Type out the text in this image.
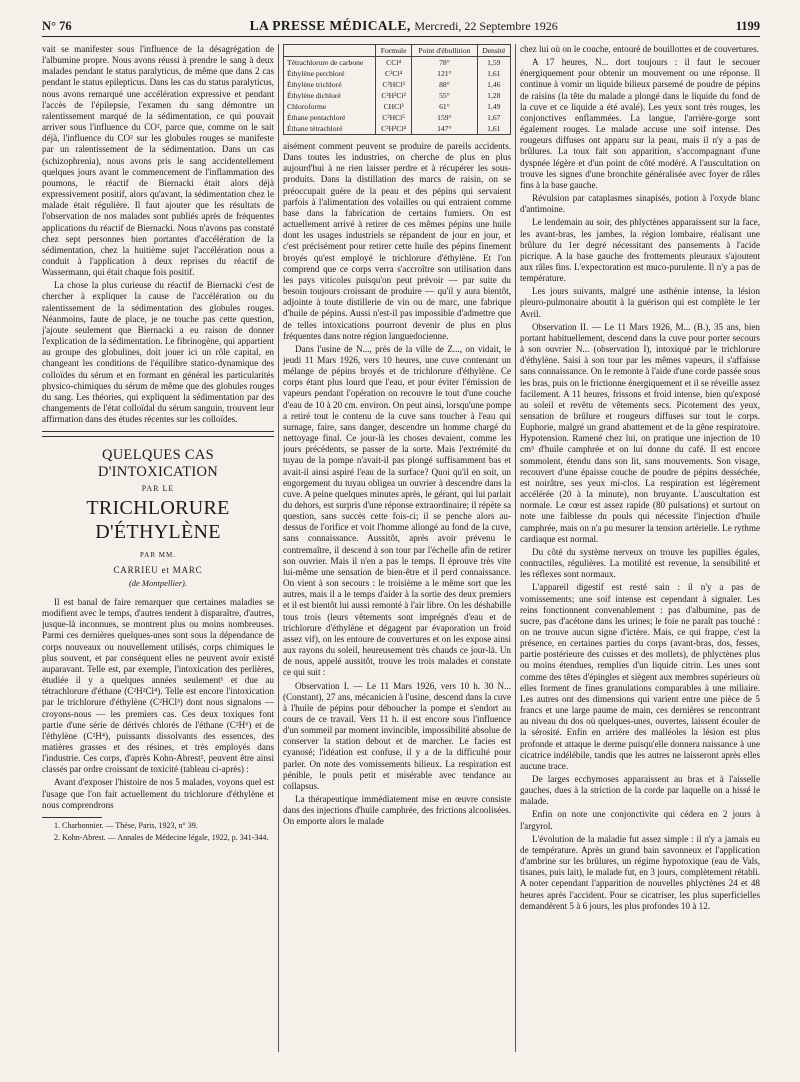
N° 76	LA PRESSE MÉDICALE, Mercredi, 22 Septembre 1926	1199

vait se manifester sous l'influence de la désagrégation de l'albumine propre. Nous avons réussi à prendre le sang à deux malades pendant le status paralyticus, de même que dans 2 cas pendant le status epilepticus. Dans les cas du status paralyticus, nous avons remarqué une accélération expressive et pendant l'accès de l'épilepsie, l'examen du sang démontre un ralentissement marqué de la sédimentation, ce qui pouvait arriver sous l'influence du CO², parce que, comme on le sait déjà, l'influence du CO² sur les globules rouges se manifeste par un ralentissement de la sédimentation. Dans un cas (schizophrenia), nous avons pris le sang accidentellement quelques jours avant le commencement de l'inflammation des poumons, le réactif de Biernacki était alors déjà expressivement positif, alors qu'avant, la sédimentation chez le malade était régulière. Il faut ajouter que les résultats de l'observation de nos malades sont publiés après de fréquentes applications du réactif de Biernacki. Nous n'avons pas constaté chez sept personnes bien portantes d'accélération de la sédimentation, chez la huitième sujet l'accélération nous a conduit à l'application à deux reprises du réactif de Wassermann, qui était chaque fois positif.

La chose la plus curieuse du réactif de Biernacki c'est de chercher à expliquer la cause de l'accélération ou du ralentissement de la sédimentation des globules rouges. Néanmoins, faute de place, je ne touche pas cette question, j'ajoute seulement que Biernacki a eu raison de donner l'explication de la sédimentation. Le fibrinogène, qui appartient au groupe des globulines, doit jouer ici un rôle capital, en changeant les conditions de l'équilibre statico-dynamique des colloïdes du sérum et en formant en général les particularités physico-chimiques du sérum de même que des globules rouges du sang. Les théories, qui expliquent la sédimentation par des changements de l'état colloïdal du sérum sanguin, trouvent leur affirmation dans des études récentes sur les colloïdes.

QUELQUES CAS D'INTOXICATION
PAR LE
TRICHLORURE D'ÉTHYLÈNE
PAR MM.
CARRIEU et MARC
(de Montpellier).

Il est banal de faire remarquer que certaines maladies se modifient avec le temps, d'autres tendent à disparaître, d'autres, jusque-là inconnues, se montrent plus ou moins nombreuses. Parmi ces dernières quelques-unes sont sous la dépendance de corps nouveaux ou nouvellement utilisés, corps chimiques le plus souvent, et par conséquent elles ne peuvent avoir existé auparavant. Telle est, par exemple, l'intoxication des perlières, étudiée il y a quelques années seulement¹ et due au tétrachlorure d'éthane (C²H²Cl⁴). Telle est encore l'intoxication par le trichlorure d'éthylène (C²HCl³) dont nous signalons — croyons-nous — les premiers cas. Ces deux toxiques font partie d'une série de dérivés chlorés de l'éthane (C²H⁶) et de l'éthylène (C²H⁴), puissants dissolvants des essences, des matières grasses et des résines, et très employés dans l'industrie. Ces corps, d'après Kohn-Abrest², peuvent être ainsi classés par ordre croissant de toxicité (tableau ci-après) :

Avant d'exposer l'histoire de nos 5 malades, voyons quel est l'usage que l'on fait actuellement du trichlorure d'éthylène et nous comprendrons

1. Charbonnier. — Thèse, Paris, 1923, n° 39.

2. Kohn-Abrest. — Annales de Médecine légale, 1922, p. 341-344.

	Formule	Point d'ébullition	Densité
Tétrachlorure de carbone	CCl⁴	78°	1,59
Éthylène perchloré	C²Cl⁴	121°	1,61
Éthylène trichloré	C²HCl³	88°	1,46
Éthylène dichloré	C²H²Cl²	55°	1,28
Chloroforme	CHCl³	61°	1,49
Éthane pentachloré	C²HCl⁵	159°	1,67
Éthane tétrachloré	C²H²Cl⁴	147°	1,61

aisément comment peuvent se produire de pareils accidents. Dans toutes les industries, on cherche de plus en plus aujourd'hui à ne rien laisser perdre et à récupérer les sous-produits. Dans la distillation des marcs de raisin, on se préoccupait guère de la peau et des pépins qui servaient parfois à l'alimentation des volailles ou qui entraient comme base dans la fabrication de certains fumiers. On est actuellement arrivé à retirer de ces mêmes pépins une huile dont les usages industriels se répandent de jour en jour, et c'est précisément pour retirer cette huile des pépins finement broyés qu'est employé le trichlorure d'éthylène. Et l'on comprend que ce corps verra s'accroître son utilisation dans les pays viticoles puisqu'on peut prévoir — par suite du besoin toujours croissant de produire — qu'il y aura bientôt, adjointe à toute distillerie de vin ou de marc, une fabrique d'huile de pépins. Aussi n'est-il pas impossible d'admettre que de telles intoxications pourront devenir de plus en plus fréquentes dans notre région languedocienne.

Dans l'usine de N..., près de la ville de Z..., on vidait, le jeudi 11 Mars 1926, vers 10 heures, une cuve contenant un mélange de pépins broyés et de trichlorure d'éthylène. Ce corps étant plus lourd que l'eau, et pour éviter l'émission de vapeurs pendant l'opération on recouvre le tout d'une couche d'eau de 10 à 20 cm. environ. On peut ainsi, lorsqu'une pompe a retiré tout le contenu de la cuve sans toucher à l'eau qui surnage, faire, sans danger, descendre un homme chargé du nettoyage final. Ce jour-là les choses devaient, comme les jours précédents, se passer de la sorte. Mais l'extrémité du tuyau de la pompe n'avait-il pas plongé suffisamment bas et avait-il ainsi aspiré l'eau de la surface? Quoi qu'il en soit, un engorgement du tuyau obligea un ouvrier à descendre dans la cuve. A peine quelques minutes après, le gérant, qui lui parlait du dehors, est surpris d'une réponse extraordinaire; il répète sa question, sans succès cette fois-ci; il se penche alors au-dessus de l'orifice et voit l'homme allongé au fond de la cuve, sans connaissance. Aussitôt, après avoir prévenu le contremaître, il descend à son tour par l'échelle afin de retirer son ouvrier. Mais il n'en a pas le temps. Il éprouve très vite lui-même une sensation de bien-être et il perd connaissance. On vient à son secours : le troisième a le même sort que les autres, mais il a le temps d'aider à la sortie des deux premiers et il est bientôt lui aussi remonté à l'air libre. On les déshabille tous trois (leurs vêtements sont imprégnés d'eau et de trichlorure d'éthylène et dégagent par évaporation un froid assez vif), on les entoure de couvertures et on les expose ainsi aux rayons du soleil, heureusement très chauds ce jour-là. Un de nous, appelé aussitôt, trouve les trois malades et constate ce qui suit :

Observation I. — Le 11 Mars 1926, vers 10 h. 30 N... (Constant), 27 ans, mécanicien à l'usine, descend dans la cuve à l'huile de pépins pour déboucher la pompe et s'endort au cours de ce travail. Vers 11 h. il est encore sous l'influence d'un sommeil par moment invincible, impossibilité absolue de conserver la station debout et de marcher. Le facies est cyanosé; l'idéation est confuse, il y a de la difficulté pour parler. On note des vomissements bilieux. La respiration est pénible, le pouls petit et misérable avec tendance au collapsus.

La thérapeutique immédiatement mise en œuvre consiste dans des injections d'huile camphrée, des frictions alcoolisées. On emporte alors le malade

chez lui où on le couche, entouré de bouillottes et de couvertures.

A 17 heures, N... dort toujours : il faut le secouer énergiquement pour obtenir un mouvement ou une réponse. Il continue à vomir un liquide bilieux parsemé de poudre de pépins de raisins (la tête du malade a plongé dans le liquide du fond de la cuve et ce liquide a été avalé). Les yeux sont très rouges, les conjonctives enflammées. La langue, l'arrière-gorge sont également rouges. Le malade accuse une soif intense. Des rougeurs diffuses ont apparu sur la peau, mais il n'y a pas de brûlures. La toux fait son apparition, s'accompagnant d'une dyspnée légère et d'un point de côté modéré. A l'auscultation on trouve les signes d'une bronchite généralisée avec foyer de râles fins à la base gauche.

Révulsion par cataplasmes sinapisés, potion à l'oxyde blanc d'antimoine.

Le lendemain au soir, des phlyctènes apparaissent sur la face, les avant-bras, les jambes, la région lombaire, réalisant une brûlure du 1er degré nécessitant des pansements à l'acide picrique. A la base gauche des frottements pleuraux s'ajoutent aux râles fins. L'expectoration est muco-purulente. Il n'y a pas de température.

Les jours suivants, malgré une asthénie intense, la lésion pleuro-pulmonaire aboutit à la guérison qui est complète le 1er Avril.

Observation II. — Le 11 Mars 1926, M... (B.), 35 ans, bien portant habituellement, descend dans la cuve pour porter secours à son ouvrier N... (observation I), intoxiqué par le trichlorure d'éthylène. Saisi à son tour par les mêmes vapeurs, il s'affaisse sans connaissance. On le remonte à l'aide d'une corde passée sous les bras, puis on le frictionne énergiquement et il se réveille assez facilement. A 11 heures, frissons et froid intense, bien qu'exposé au soleil et revêtu de vêtements secs. Picotement des yeux, sensation de brûlure et rougeurs diffuses sur tout le corps. Euphorie, malgré un grand abattement et de la gêne respiratoire. Hypotension. Ramené chez lui, on pratique une injection de 10 cm³ d'huile camphrée et on lui donne du café. Il est encore sommolent, étendu dans son lit, sans mouvements. Son visage, recouvert d'une épaisse couche de poudre de pépins desséchée, est noirâtre, ses yeux mi-clos. La respiration est légèrement accélérée (20 à la minute), non bruyante. L'auscultation est normale. Le cœur est assez rapide (80 pulsations) et surtout on note une faiblesse du pouls qui nécessite l'injection d'huile camphrée, mais on n'a pu mesurer la tension artérielle. Le rythme cardiaque est normal.

Du côté du système nerveux on trouve les pupilles égales, contractiles, régulières. La motilité est revenue, la sensibilité et les réflexes sont normaux.

L'appareil digestif est resté sain : il n'y a pas de vomissements; une soif intense est cependant à signaler. Les reins fonctionnent convenablement : pas d'albumine, pas de sucre, pas d'acétone dans les urines; le foie ne paraît pas touché : on ne trouve aucun signe d'ictère. Mais, ce qui frappe, c'est la présence, en certaines parties du corps (avant-bras, dos, fesses, partie postérieure des cuisses et des mollets), de phlyctènes plus ou moins étendues, remplies d'un liquide citrin. Les unes sont comme des têtes d'épingles et siègent aux membres supérieurs où elles forment de fines granulations comparables à une miliaire. Les autres ont des dimensions qui varient entre une pièce de 5 francs et une large paume de main, ces dernières se rencontrant au niveau du dos où quelques-unes, ouvertes, laissent écouler de la sérosité. Enfin en arrière des malléoles la lésion est plus profonde et attaque le derme puisqu'elle donnera naissance à une cicatrice indélébile, tandis que les autres ne laisseront après elles aucune trace.

De larges ecchymoses apparaissent au bras et à l'aisselle gauches, dues à la striction de la corde par laquelle on a hissé le malade.

Enfin on note une conjonctivite qui cédera en 2 jours à l'argyrol.

L'évolution de la maladie fut assez simple : il n'y a jamais eu de température. Après un grand bain savonneux et l'application d'ambrine sur les brûlures, un régime hypotoxique (eau de Vals, tisanes, puis lait), le malade fut, en 3 jours, complètement rétabli. A noter cependant l'apparition de nouvelles phlyctènes 24 et 48 heures après l'accident. Pour se cicatriser, les plus superficielles demandèrent 5 à 6 jours, les plus profondes 10 à 12.
